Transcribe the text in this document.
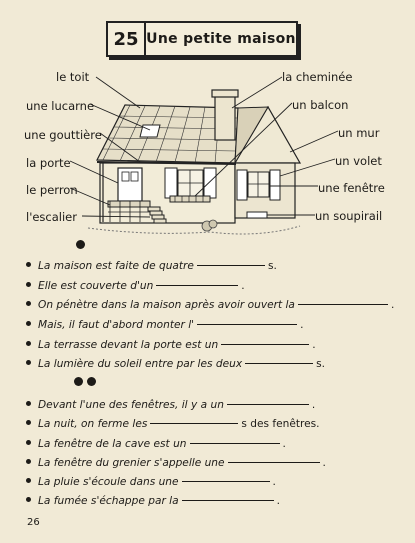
25 Une petite maison
le toit
une lucarne
une gouttière
la porte
le perron
l'escalier
la cheminée
un balcon
un mur
un volet
une fenêtre
un soupirail
La maison est faite de quatre	s.
Elle est couverte d'un	.
On pénètre dans la maison après avoir ouvert la	.
Mais, il faut d'abord monter l'	.
La terrasse devant la porte est un	.
La lumière du soleil entre par les deux	s.
Devant l'une des fenêtres, il y a un	.
La nuit, on ferme les	s des fenêtres.
La fenêtre de la cave est un	.
La fenêtre du grenier s'appelle une	.
La pluie s'écoule dans une	.
La fumée s'échappe par la	.
26
